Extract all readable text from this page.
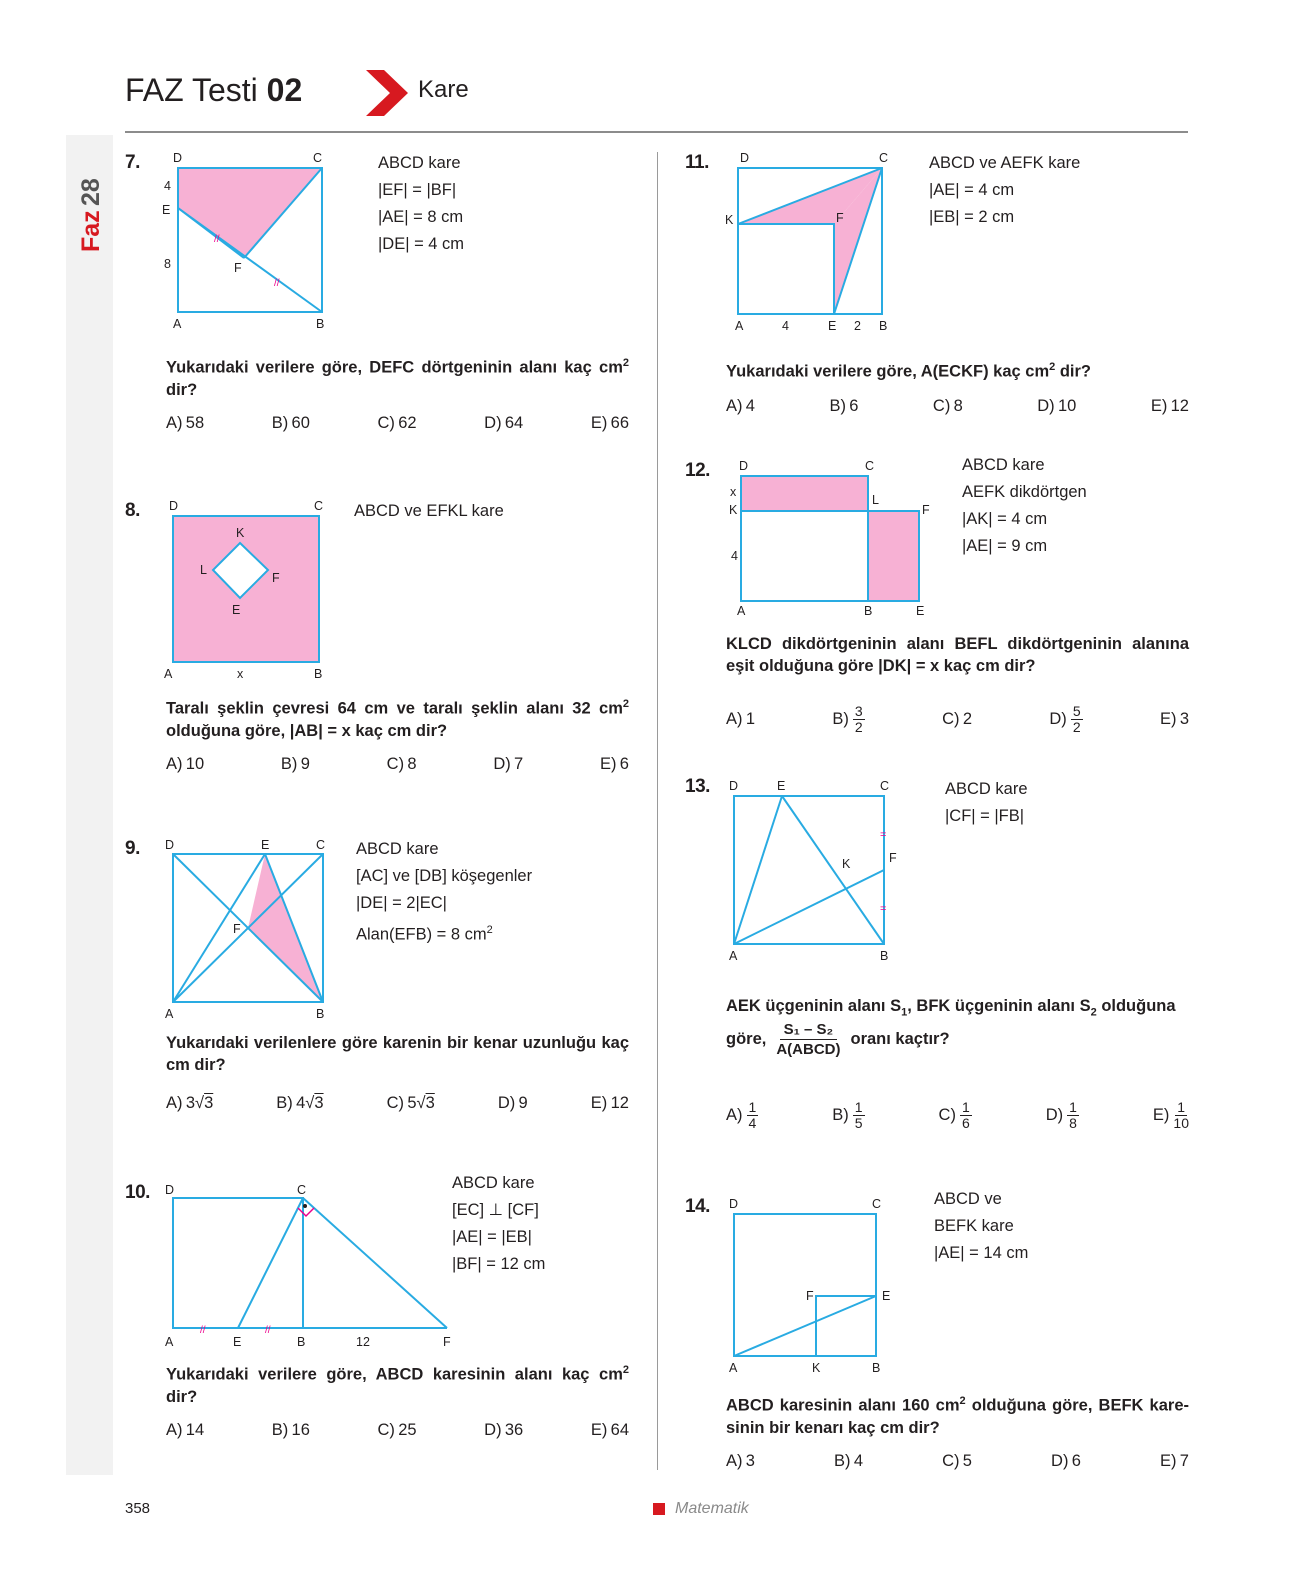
FAZ Testi 02	Kare
Faz
28
7.
//
//
D	C
A	B
E
F
4
8
ABCD kare
|EF| = |BF|
|AE| = 8 cm
|DE| = 4 cm
Yukarıdaki verilere göre, DEFC dörtgeninin alanı kaç $cm^2$ dir?
A) 58	B) 60	C) 62	D) 64	E) 66
8. D	C
A	B
x
K
L
F
E
ABCD ve EFKL kare
Taralı şeklin çevresi 64 cm ve taralı şeklin alanı 32 $cm^2$ olduğuna göre, |AB| = x kaç cm dir?
A) 10	B) 9	C) 8	D) 7	E) 6
9. D	E	C
F
A	B
ABCD kare
[AC] ve [DB] köşegenler
|DE| = 2|EC|
Alan(EFB) = 8 $cm^2$
Yukarıdaki verilenlere göre karenin bir kenar uzunluğu kaç cm dir?
A)
  3 √ 3	B)
  4 √ 3	C)
  5 √ 3	D)
  9	E)
  12
10.
//	//
D	C
A	E	B	F
12
ABCD kare
[EC] ⊥ [CF]
|AE| = |EB|
|BF| = 12 cm
Yukarıdaki verilere göre, ABCD karesinin alanı kaç $cm^2$ dir?
A) 14	B) 16	C) 25	D) 36	E) 64
11. D	C
K	F
A	4	E 2 B
ABCD ve AEFK kare
|AE| = 4 cm
|EB| = 2 cm
Yukarıdaki verilere göre, A(ECKF) kaç $cm^2$ dir?
A) 4	B) 6	C) 8	D) 10	E) 12
12. D	C
x
K
L
F
4
A	B	E
ABCD kare
AEFK dikdörtgen
|AK| = 4 cm
|AE| = 9 cm
KLCD dikdörtgeninin alanı BEFL dikdörtgeninin alanına eşit olduğuna göre |DK| = x kaç cm dir?
A)
  1	$B) \frac{3}{2}$	C)
  2	$D) \frac{5}{2}$	E)
  3
13.
=
=
D	E	C
K	F
A	B
ABCD kare
|CF| = |FB|
AEK üçgeninin alanı $S_1$, BFK üçgeninin alanı $S_2$ olduğuna
göre,
S₁ – S₂
A(ABCD)
oranı kaçtır?
$A) \frac{1}{4}$	$B) \frac{1}{5}$	$C) \frac{1}{6}$	$D) \frac{1}{8}$	$E) \frac{1}{10}$
14. D	C
F	E
A	K	B
ABCD ve
BEFK kare
|AE| = 14 cm
ABCD karesinin alanı 160 $cm^2$ olduğuna göre, BEFK kare-sinin bir kenarı kaç cm dir?
A) 3	B) 4	C) 5	D) 6	E) 7
358	Matematik
